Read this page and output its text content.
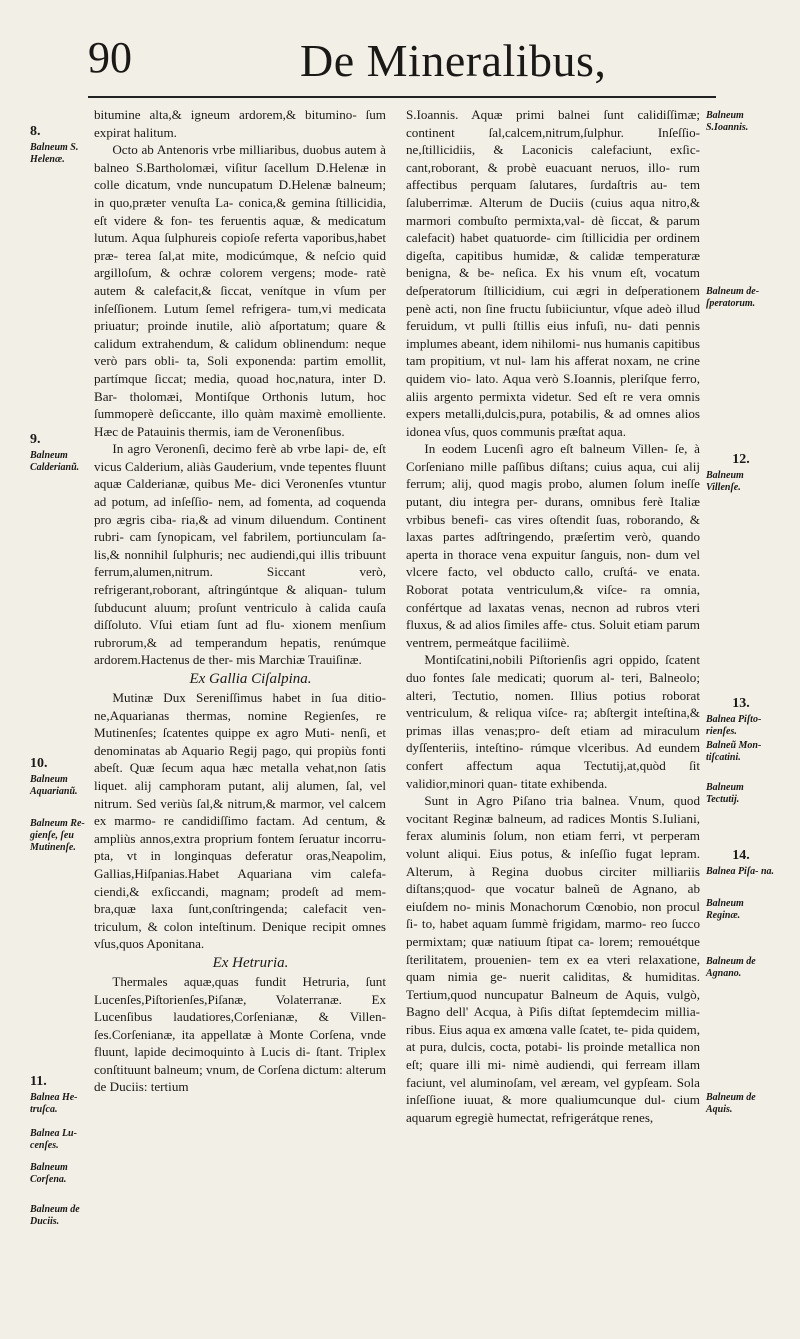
90	De Mineralibus,

bitumine alta,& igneum ardorem,& bitumino- ſum expirat halitum.

Octo ab Antenoris vrbe milliaribus, duobus autem à balneo S.Bartholomæi, viſitur ſacellum D.Helenæ in colle dicatum, vnde nuncupatum D.Helenæ balneum; in quo,præter venuſta La- conica,& gemina ſtillicidia, eſt videre & fon- tes feruentis aquæ, & medicatum lutum. Aqua ſulphureis copioſe referta vaporibus,habet præ- terea ſal,at mite, modicúmque, & neſcio quid argilloſum, & ochræ colorem vergens; mode- ratè autem & calefacit,& ſiccat, venítque in vſum per inſeſſionem. Lutum ſemel refrigera- tum,vi medicata priuatur; proinde inutile, aliò aſportatum; quare & calidum extrahendum, & calidum oblinendum: neque verò pars obli- ta, Soli exponenda: partim emollit, partímque ſiccat; media, quoad hoc,natura, inter D. Bar- tholomæi, Montiſque Orthonis lutum, hoc ſummoperè deſiccante, illo quàm maximè emolliente. Hæc de Patauinis thermis, iam de Veronenſibus.

In agro Veronenſi, decimo ferè ab vrbe lapi- de, eſt vicus Calderium, aliàs Gauderium, vnde tepentes fluunt aquæ Calderianæ, quibus Me- dici Veronenſes vtuntur ad potum, ad inſeſſio- nem, ad fomenta, ad coquenda pro ægris ciba- ria,& ad vinum diluendum. Continent rubri- cam ſynopicam, vel fabrilem, portiunculam ſa- lis,& nonnihil ſulphuris; nec audiendi,qui illis tribuunt ferrum,alumen,nitrum. Siccant verò, refrigerant,roborant, aſtringúntque & aliquan- tulum ſubducunt aluum; proſunt ventriculo à calida cauſa diſſoluto. Vſui etiam ſunt ad flu- xionem menſium rubrorum,& ad temperandum hepatis, renúmque ardorem.Hactenus de ther- mis Marchiæ Trauiſinæ.

Ex Gallia Ciſalpina.

Mutinæ Dux Sereniſſimus habet in ſua ditio- ne,Aquarianas thermas, nomine Regienſes, re Mutinenſes; ſcatentes quippe ex agro Muti- nenſi, et denominatas ab Aquario Regij pago, qui propiùs fonti abeſt. Quæ ſecum aqua hæc metalla vehat,non ſatis liquet. alij camphoram putant, alij alumen, ſal, vel nitrum. Sed veriùs ſal,& nitrum,& marmor, vel calcem ex marmo- re candidiſſimo factam. Ad centum, & ampliùs annos,extra proprium fontem ſeruatur incorru- pta, vt in longinquas deferatur oras,Neapolim, Gallias,Hiſpanias.Habet Aquariana vim calefa- ciendi,& exſiccandi, magnam; prodeſt ad mem- bra,quæ laxa ſunt,conſtringenda; calefacit ven- triculum, & colon inteſtinum. Denique recipit omnes vſus,quos Aponitana.

Ex Hetruria.

Thermales aquæ,quas fundit Hetruria, ſunt Lucenſes,Piſtorienſes,Piſanæ, Volaterranæ. Ex Lucenſibus laudatiores,Corſenianæ, & Villen- ſes.Corſenianæ, ita appellatæ à Monte Corſena, vnde fluunt, lapide decimoquinto à Lucis di- ſtant. Triplex conſtituunt balneum; vnum, de Corſena dictum: alterum de Duciis: tertium

S.Ioannis. Aquæ primi balnei ſunt calidiſſimæ; continent ſal,calcem,nitrum,ſulphur. Inſeſſio- ne,ſtillicidiis, & Laconicis calefaciunt, exſic- cant,roborant, & probè euacuant neruos, illo- rum affectibus perquam ſalutares, ſurdaſtris au- tem ſaluberrimæ. Alterum de Duciis (cuius aqua nitro,& marmori combuſto permixta,val- dè ſiccat, & parum calefacit) habet quatuorde- cim ſtillicidia per ordinem digeſta, capitibus humidæ, & calidæ temperaturæ benigna, & be- neſica. Ex his vnum eſt, vocatum deſperatorum ſtillicidium, cui ægri in deſperationem penè acti, non ſine fructu ſubiiciuntur, vſque adeò illud feruidum, vt pulli ſtillis eius infuſi, nu- dati pennis implumes abeant, idem nihilomi- nus humanis capitibus tam propitium, vt nul- lam his afferat noxam, ne crine quidem vio- lato. Aqua verò S.Ioannis, pleriſque ferro, aliis argento permixta videtur. Sed eſt re vera omnis expers metalli,dulcis,pura, potabilis, & ad omnes alios idonea vſus, quos communis præſtat aqua.

In eodem Lucenſi agro eſt balneum Villen- ſe, à Corſeniano mille paſſibus diſtans; cuius aqua, cui alij ferrum; alij, quod magis probo, alumen ſolum ineſſe putant, diu integra per- durans, omnibus ferè Italiæ vrbibus benefi- cas vires oſtendit ſuas, roborando, & laxas partes adſtringendo, præſertim verò, quando aperta in thorace vena expuitur ſanguis, non- dum vel vlcere facto, vel obducto callo, cruſtá- ve enata. Roborat potata ventriculum,& viſce- ra omnia, confértque ad laxatas venas, necnon ad rubros vteri fluxus, & ad alios ſimiles affe- ctus. Soluit etiam parum ventrem, permeátque faciliimè.

Montiſcatini,nobili Piſtorienſis agri oppido, ſcatent duo fontes ſale medicati; quorum al- teri, Balneolo; alteri, Tectutio, nomen. Illius potius roborat ventriculum, & reliqua viſce- ra; abſtergit inteſtina,& primas illas venas;pro- deſt etiam ad miraculum dyſſenteriis, inteſtino- rúmque vlceribus. Ad eundem confert affectum aqua Tectutij,at,quòd ſit validior,minori quan- titate exhibenda.

Sunt in Agro Piſano tria balnea. Vnum, quod vocitant Reginæ balneum, ad radices Montis S.Iuliani, ferax aluminis ſolum, non etiam ferri, vt perperam volunt aliqui. Eius potus, & inſeſſio fugat lepram. Alterum, à Regina duobus circiter milliariis diſtans;quod- que vocatur balneũ de Agnano, ab eiuſdem no- minis Monachorum Cœnobio, non procul ſi- to, habet aquam ſummè frigidam, marmo- reo ſucco permixtam; quæ natiuum ſtipat ca- lorem; remouétque ſterilitatem, prouenien- tem ex ea vteri relaxatione, quam nimia ge- nuerit caliditas, & humiditas. Tertium,quod nuncupatur Balneum de Aquis, vulgò, Bagno dell' Acqua, à Piſis diſtat ſeptemdecim millia- ribus. Eius aqua ex amœna valle ſcatet, te- pida quidem, at pura, dulcis, cocta, potabi- lis proinde metallica non eſt; quare illi mi- nimè audiendi, qui ferream illam faciunt, vel aluminoſam, vel æream, vel gypſeam. Sola inſeſſione iuuat, & more qualiumcunque dul- cium aquarum egregiè humectat, refrigerátque renes,

8.
Balneum S. Helenæ.
9.
Balneum Calderianũ.
10.
Balneum Aquarianũ.
Balneum Re- gienſe, ſeu Mutinenſe.
11.
Balnea He- truſca.
Balnea Lu- cenſes.
Balneum Corſena.
Balneum de Duciis.
Balneum S.Ioannis.
Balneum de- ſperatorum.
12.
Balneum Villenſe.
13.
Balnea Piſto- rienſes.
Balneũ Mon- tiſcatini.
Balneum Tectutij.
14.
Balnea Piſa- na.
Balneum Reginæ.
Balneum de Agnano.
Balneum de Aquis.
